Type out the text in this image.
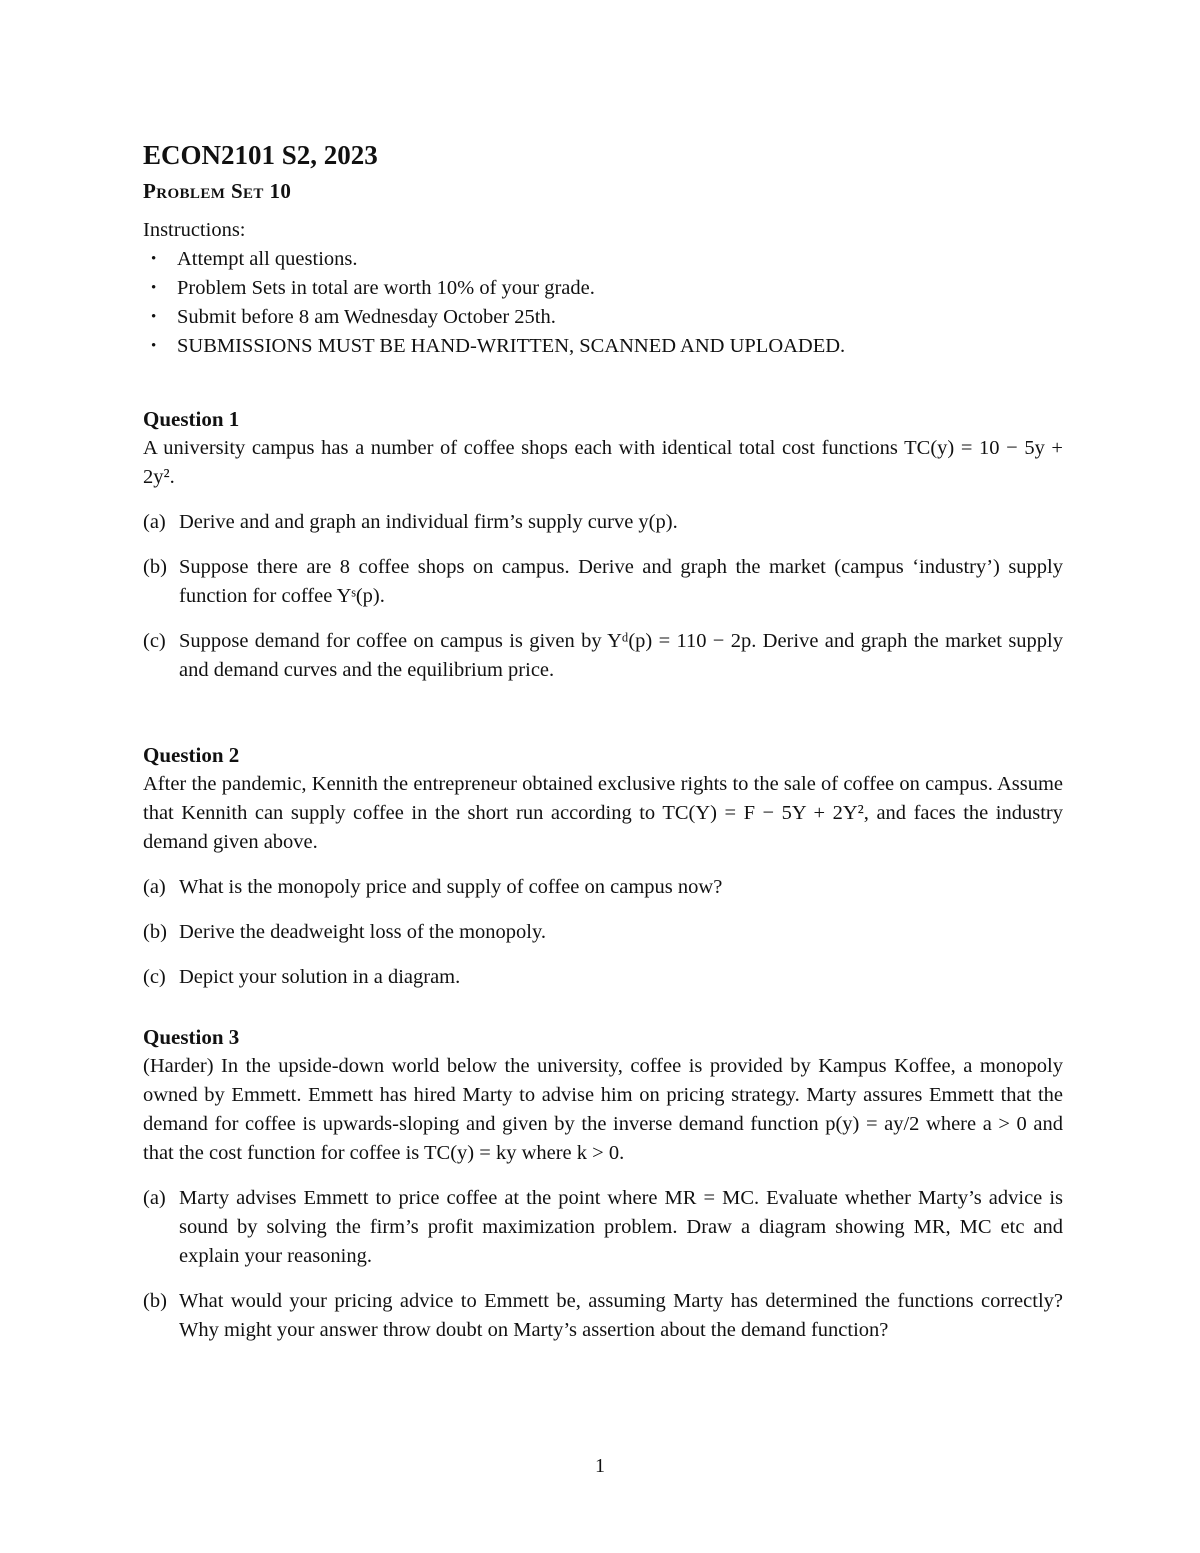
ECON2101 S2, 2023
Problem Set 10

Instructions:

• Attempt all questions.
• Problem Sets in total are worth 10% of your grade.
• Submit before 8 am Wednesday October 25th.
• SUBMISSIONS MUST BE HAND-WRITTEN, SCANNED AND UPLOADED.

Question 1

A university campus has a number of coffee shops each with identical total cost functions TC(y) = 10 − 5y + 2y².

(a) Derive and and graph an individual firm’s supply curve y(p).
(b) Suppose there are 8 coffee shops on campus. Derive and graph the market (campus ‘industry’) supply function for coffee Yˢ(p).
(c) Suppose demand for coffee on campus is given by Yᵈ(p) = 110 − 2p. Derive and graph the market supply and demand curves and the equilibrium price.

Question 2

After the pandemic, Kennith the entrepreneur obtained exclusive rights to the sale of coffee on campus. Assume that Kennith can supply coffee in the short run according to TC(Y) = F − 5Y + 2Y², and faces the industry demand given above.

(a) What is the monopoly price and supply of coffee on campus now?
(b) Derive the deadweight loss of the monopoly.
(c) Depict your solution in a diagram.

Question 3

(Harder) In the upside-down world below the university, coffee is provided by Kampus Koffee, a monopoly owned by Emmett. Emmett has hired Marty to advise him on pricing strategy. Marty assures Emmett that the demand for coffee is upwards-sloping and given by the inverse demand function p(y) = ay/2 where a > 0 and that the cost function for coffee is TC(y) = ky where k > 0.

(a) Marty advises Emmett to price coffee at the point where MR = MC. Evaluate whether Marty’s advice is sound by solving the firm’s profit maximization problem. Draw a diagram showing MR, MC etc and explain your reasoning.
(b) What would your pricing advice to Emmett be, assuming Marty has determined the functions correctly? Why might your answer throw doubt on Marty’s assertion about the demand function?
1
